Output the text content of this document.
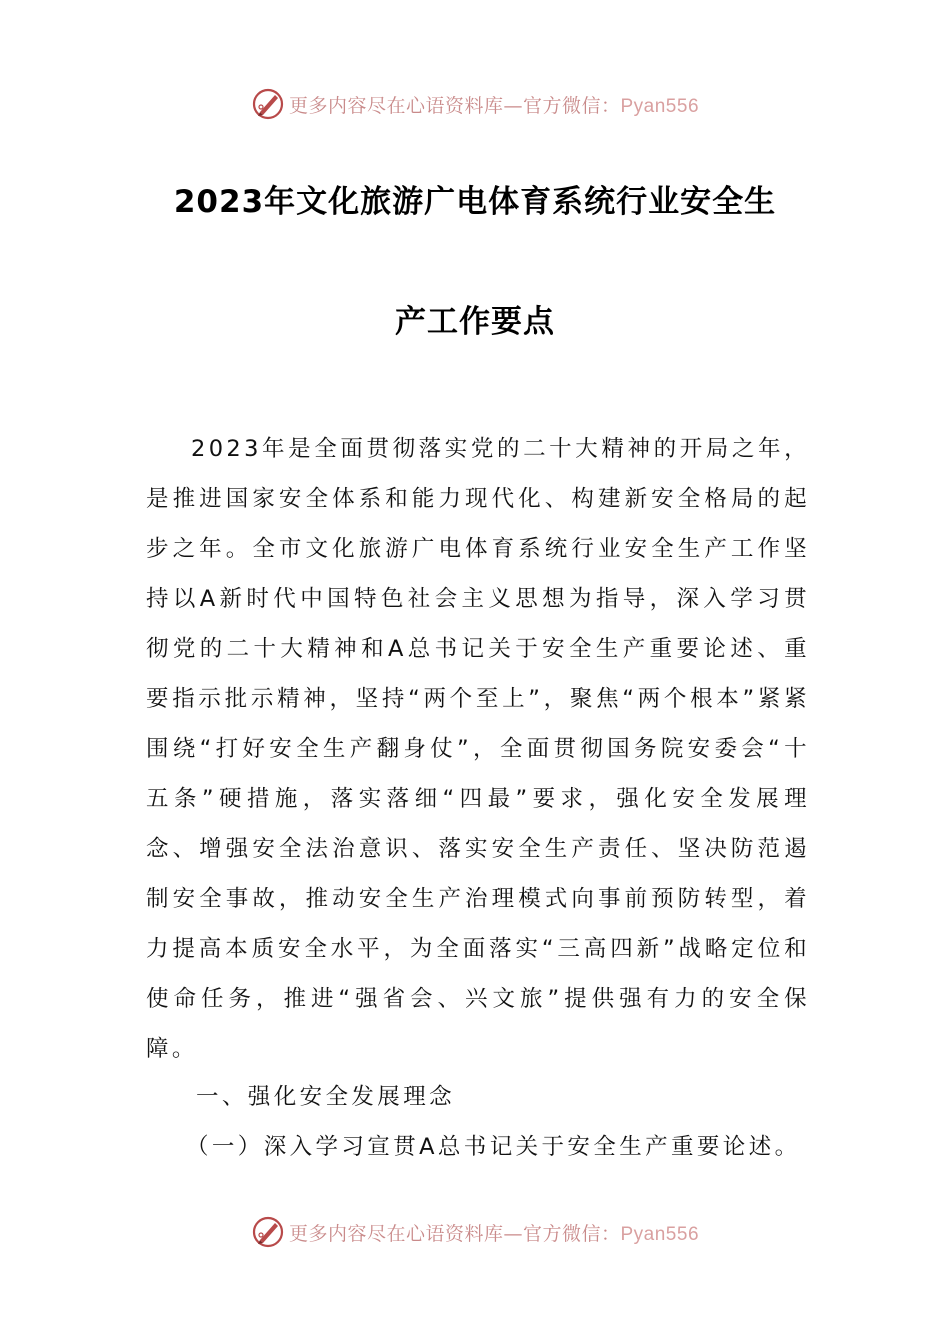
更多内容尽在心语资料库—官方微信：Pyan556
2023年文化旅游广电体育系统行业安全生
产工作要点

2023年是全面贯彻落实党的二十大精神的开局之年，是推进国家安全体系和能力现代化、构建新安全格局的起步之年。全市文化旅游广电体育系统行业安全生产工作坚持以A新时代中国特色社会主义思想为指导，深入学习贯彻党的二十大精神和A总书记关于安全生产重要论述、重要指示批示精神，坚持“两个至上”，聚焦“两个根本”紧紧围绕“打好安全生产翻身仗”，全面贯彻国务院安委会“十五条”硬措施，落实落细“四最”要求，强化安全发展理念、增强安全法治意识、落实安全生产责任、坚决防范遏制安全事故，推动安全生产治理模式向事前预防转型，着力提高本质安全水平，为全面落实“三高四新”战略定位和使命任务，推进“强省会、兴文旅”提供强有力的安全保障。

一、强化安全发展理念
（一）深入学习宣贯A总书记关于安全生产重要论述。
更多内容尽在心语资料库—官方微信：Pyan556
